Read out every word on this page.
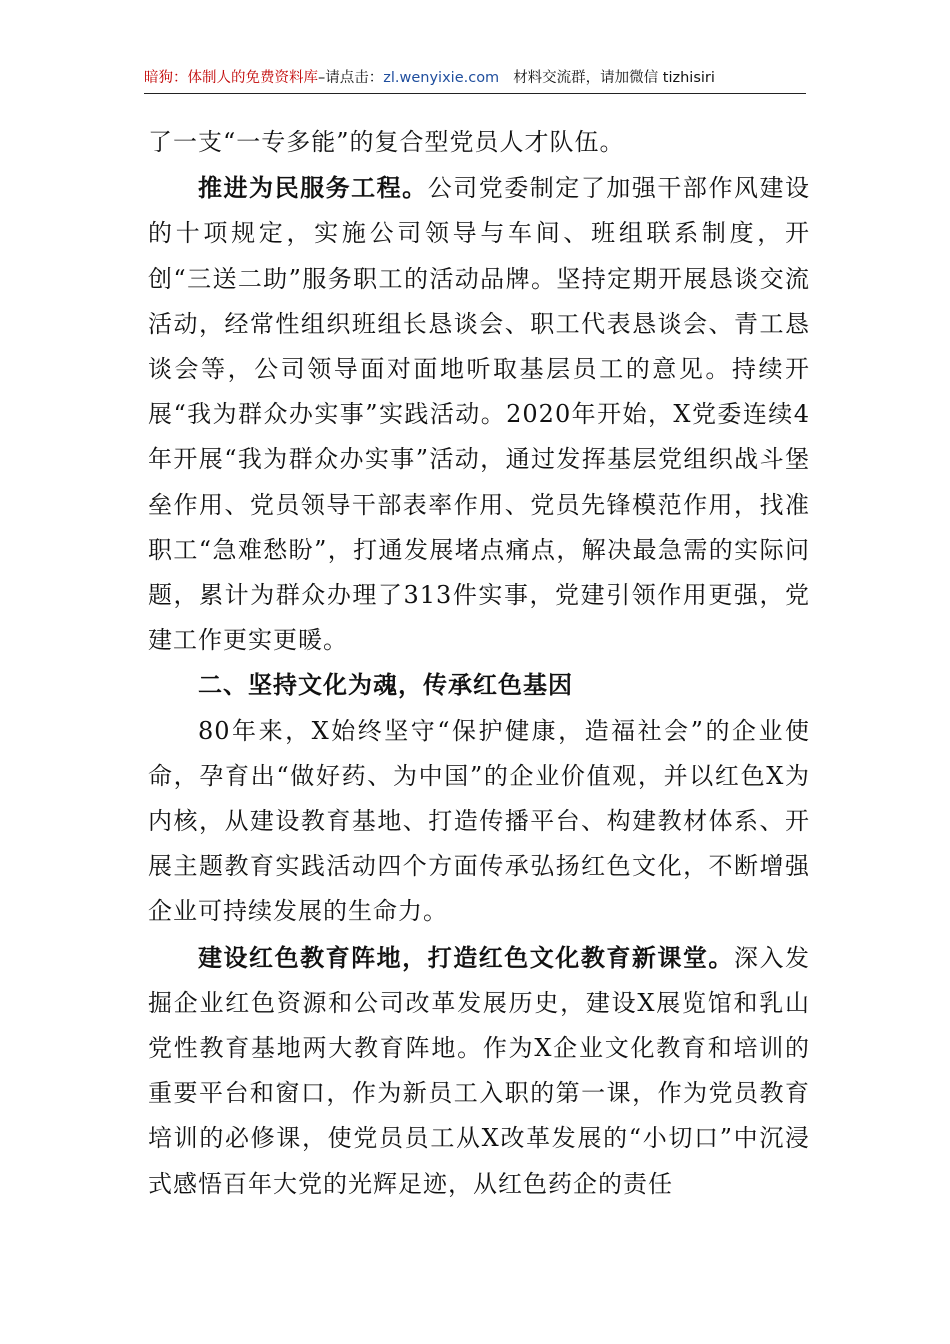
暗狗：体制人的免费资料库–请点击：zl.wenyixie.com 材料交流群，请加微信 tizhisiri

了一支“一专多能”的复合型党员人才队伍。

推进为民服务工程。公司党委制定了加强干部作风建设的十项规定，实施公司领导与车间、班组联系制度，开创“三送二助”服务职工的活动品牌。坚持定期开展恳谈交流活动，经常性组织班组长恳谈会、职工代表恳谈会、青工恳谈会等，公司领导面对面地听取基层员工的意见。持续开展“我为群众办实事”实践活动。2020年开始，X党委连续4年开展“我为群众办实事”活动，通过发挥基层党组织战斗堡垒作用、党员领导干部表率作用、党员先锋模范作用，找准职工“急难愁盼”，打通发展堵点痛点，解决最急需的实际问题，累计为群众办理了313件实事，党建引领作用更强，党建工作更实更暖。

二、坚持文化为魂，传承红色基因

80年来，X始终坚守“保护健康，造福社会”的企业使命，孕育出“做好药、为中国”的企业价值观，并以红色X为内核，从建设教育基地、打造传播平台、构建教材体系、开展主题教育实践活动四个方面传承弘扬红色文化，不断增强企业可持续发展的生命力。

建设红色教育阵地，打造红色文化教育新课堂。深入发掘企业红色资源和公司改革发展历史，建设X展览馆和乳山党性教育基地两大教育阵地。作为X企业文化教育和培训的重要平台和窗口，作为新员工入职的第一课，作为党员教育培训的必修课，使党员员工从X改革发展的“小切口”中沉浸式感悟百年大党的光辉足迹，从红色药企的责任
